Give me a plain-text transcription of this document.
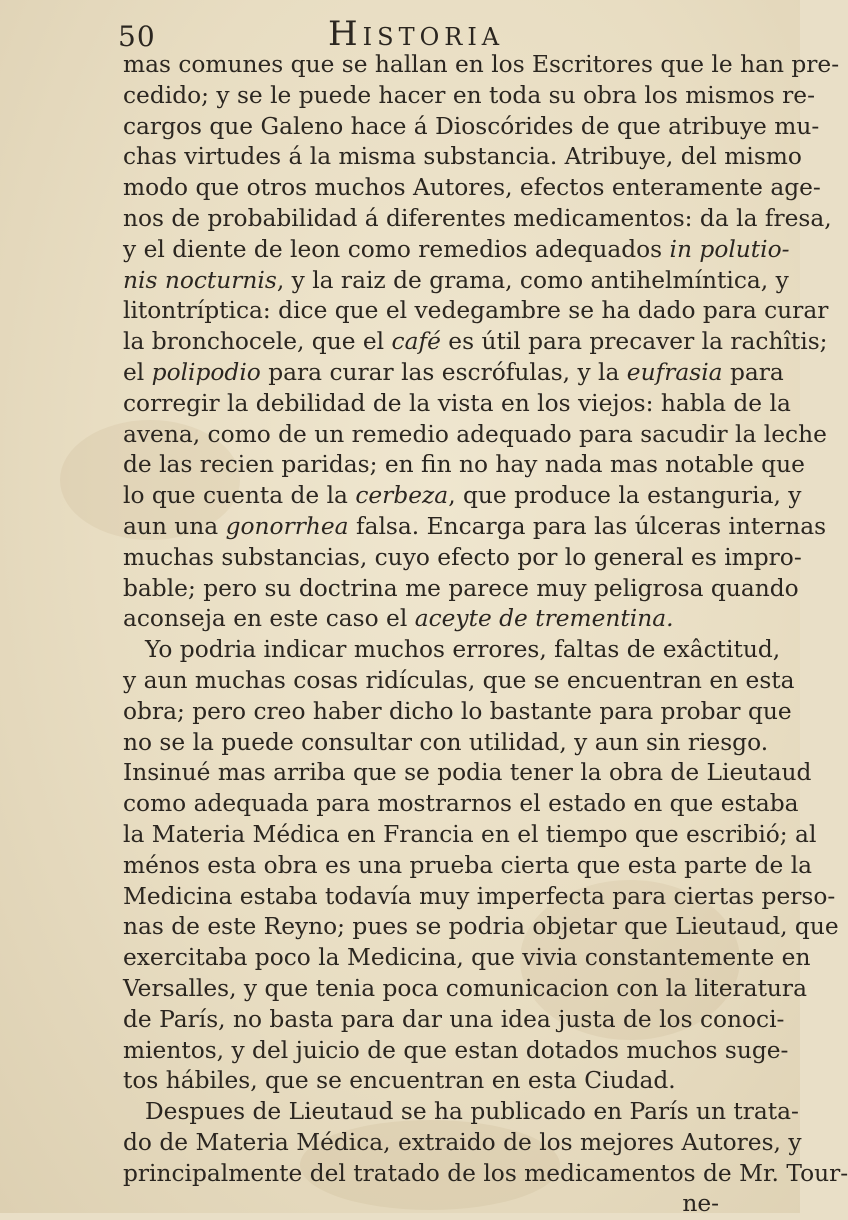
50	Historia
mas comunes que se hallan en los Escritores que le han pre-
cedido; y se le puede hacer en toda su obra los mismos re-
cargos que Galeno hace á Dioscórides de que atribuye mu-
chas virtudes á la misma substancia. Atribuye, del mismo
modo que otros muchos Autores, efectos enteramente age-
nos de probabilidad á diferentes medicamentos: da la fresa,
y el diente de leon como remedios adequados in polutio-
nis nocturnis, y la raiz de grama, como antihelmíntica, y
litontríptica: dice que el vedegambre se ha dado para curar
la bronchocele, que el café es útil para precaver la rachîtis;
el polipodio para curar las escrófulas, y la eufrasia para
corregir la debilidad de la vista en los viejos: habla de la
avena, como de un remedio adequado para sacudir la leche
de las recien paridas; en fin no hay nada mas notable que
lo que cuenta de la cerbeza, que produce la estanguria, y
aun una gonorrhea falsa. Encarga para las úlceras internas
muchas substancias, cuyo efecto por lo general es impro-
bable; pero su doctrina me parece muy peligrosa quando
aconseja en este caso el aceyte de trementina.
Yo podria indicar muchos errores, faltas de exâctitud,
y aun muchas cosas ridículas, que se encuentran en esta
obra; pero creo haber dicho lo bastante para probar que
no se la puede consultar con utilidad, y aun sin riesgo.
Insinué mas arriba que se podia tener la obra de Lieutaud
como adequada para mostrarnos el estado en que estaba
la Materia Médica en Francia en el tiempo que escribió; al
ménos esta obra es una prueba cierta que esta parte de la
Medicina estaba todavía muy imperfecta para ciertas perso-
nas de este Reyno; pues se podria objetar que Lieutaud, que
exercitaba poco la Medicina, que vivia constantemente en
Versalles, y que tenia poca comunicacion con la literatura
de París, no basta para dar una idea justa de los conoci-
mientos, y del juicio de que estan dotados muchos suge-
tos hábiles, que se encuentran en esta Ciudad.
Despues de Lieutaud se ha publicado en París un trata-
do de Materia Médica, extraido de los mejores Autores, y
principalmente del tratado de los medicamentos de Mr. Tour-
ne-
